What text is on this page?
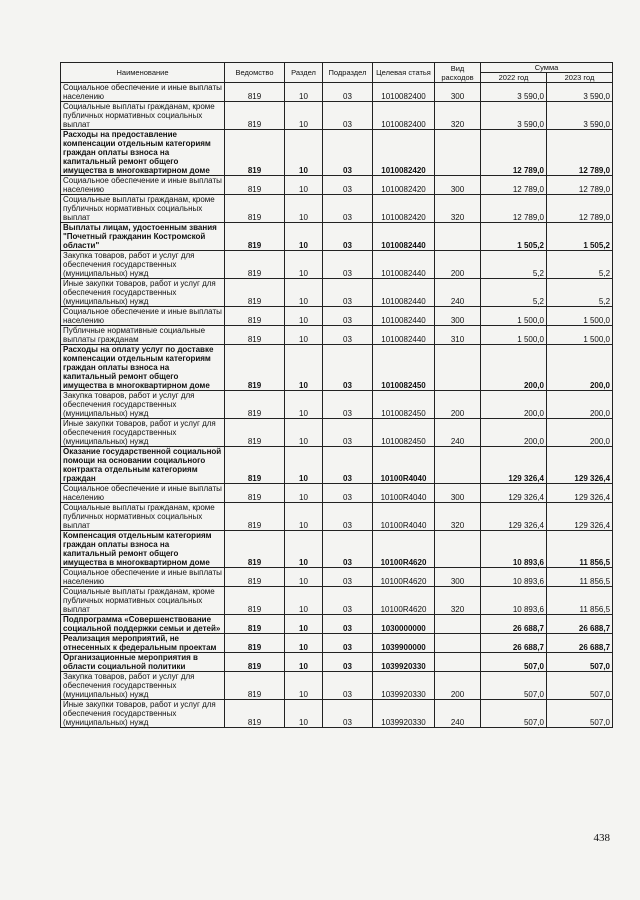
Наименование	Ведомство	Раздел	Подраздел	Целевая статья	Вид расходов	Сумма	
						2022 год	2023 год
Социальное обеспечение и иные выплаты населению	819	10	03	1010082400	300	3 590,0	3 590,0
Социальные выплаты гражданам, кроме публичных нормативных социальных выплат	819	10	03	1010082400	320	3 590,0	3 590,0
Расходы на предоставление компенсации отдельным категориям граждан оплаты взноса на капитальный ремонт общего имущества в многоквартирном доме	819	10	03	1010082420		12 789,0	12 789,0
Социальное обеспечение и иные выплаты населению	819	10	03	1010082420	300	12 789,0	12 789,0
Социальные выплаты гражданам, кроме публичных нормативных социальных выплат	819	10	03	1010082420	320	12 789,0	12 789,0
Выплаты лицам, удостоенным звания "Почетный гражданин Костромской области"	819	10	03	1010082440		1 505,2	1 505,2
Закупка товаров, работ и услуг для обеспечения государственных (муниципальных) нужд	819	10	03	1010082440	200	5,2	5,2
Иные закупки товаров, работ и услуг для обеспечения государственных (муниципальных) нужд	819	10	03	1010082440	240	5,2	5,2
Социальное обеспечение и иные выплаты населению	819	10	03	1010082440	300	1 500,0	1 500,0
Публичные нормативные социальные выплаты гражданам	819	10	03	1010082440	310	1 500,0	1 500,0
Расходы на оплату услуг по доставке компенсации отдельным категориям граждан оплаты взноса на капитальный ремонт общего имущества в многоквартирном доме	819	10	03	1010082450		200,0	200,0
Закупка товаров, работ и услуг для обеспечения государственных (муниципальных) нужд	819	10	03	1010082450	200	200,0	200,0
Иные закупки товаров, работ и услуг для обеспечения государственных (муниципальных) нужд	819	10	03	1010082450	240	200,0	200,0
Оказание государственной социальной помощи на основании социального контракта отдельным категориям граждан	819	10	03	10100R4040		129 326,4	129 326,4
Социальное обеспечение и иные выплаты населению	819	10	03	10100R4040	300	129 326,4	129 326,4
Социальные выплаты гражданам, кроме публичных нормативных социальных выплат	819	10	03	10100R4040	320	129 326,4	129 326,4
Компенсация отдельным категориям граждан оплаты взноса на капитальный ремонт общего имущества в многоквартирном доме	819	10	03	10100R4620		10 893,6	11 856,5
Социальное обеспечение и иные выплаты населению	819	10	03	10100R4620	300	10 893,6	11 856,5
Социальные выплаты гражданам, кроме публичных нормативных социальных выплат	819	10	03	10100R4620	320	10 893,6	11 856,5
Подпрограмма «Совершенствование социальной поддержки семьи и детей»	819	10	03	1030000000		26 688,7	26 688,7
Реализация мероприятий, не отнесенных к федеральным проектам	819	10	03	1039900000		26 688,7	26 688,7
Организационные мероприятия в области социальной политики	819	10	03	1039920330		507,0	507,0
Закупка товаров, работ и услуг для обеспечения государственных (муниципальных) нужд	819	10	03	1039920330	200	507,0	507,0
Иные закупки товаров, работ и услуг для обеспечения государственных (муниципальных) нужд	819	10	03	1039920330	240	507,0	507,0
438
